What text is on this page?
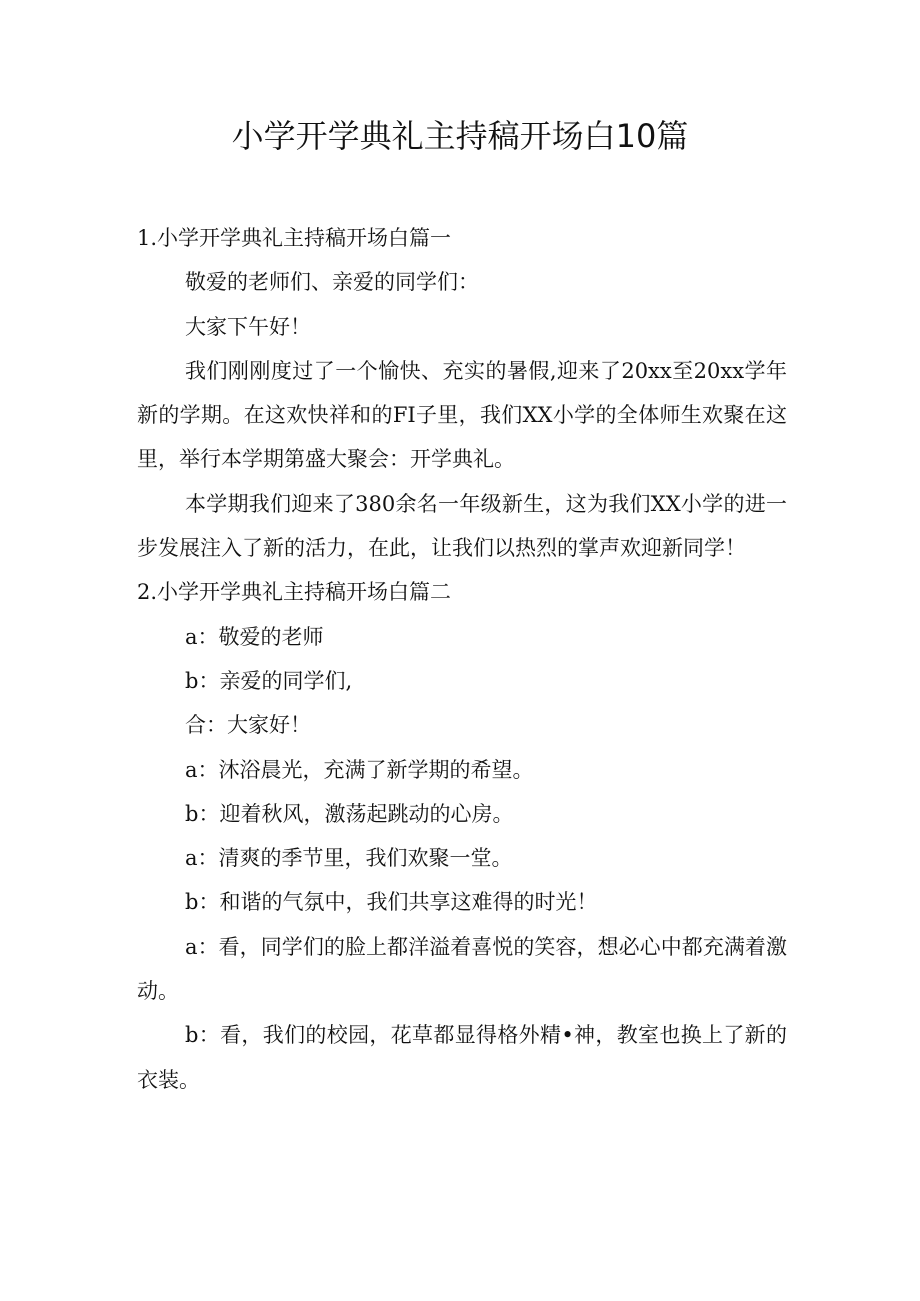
小学开学典礼主持稿开场白10篇

1.小学开学典礼主持稿开场白篇一

敬爱的老师们、亲爱的同学们：

大家下午好！

我们刚刚度过了一个愉快、充实的暑假,迎来了20xx至20xx学年新的学期。在这欢快祥和的FI子里，我们XX小学的全体师生欢聚在这里，举行本学期第盛大聚会：开学典礼。

本学期我们迎来了380余名一年级新生，这为我们XX小学的进一步发展注入了新的活力，在此，让我们以热烈的掌声欢迎新同学！

2.小学开学典礼主持稿开场白篇二

a：敬爱的老师

b：亲爱的同学们,

合：大家好！

a：沐浴晨光，充满了新学期的希望。

b：迎着秋风，激荡起跳动的心房。

a：清爽的季节里，我们欢聚一堂。

b：和谐的气氛中，我们共享这难得的时光！

a：看，同学们的脸上都洋溢着喜悦的笑容，想必心中都充满着激动。

b：看，我们的校园，花草都显得格外精•神，教室也换上了新的衣装。
